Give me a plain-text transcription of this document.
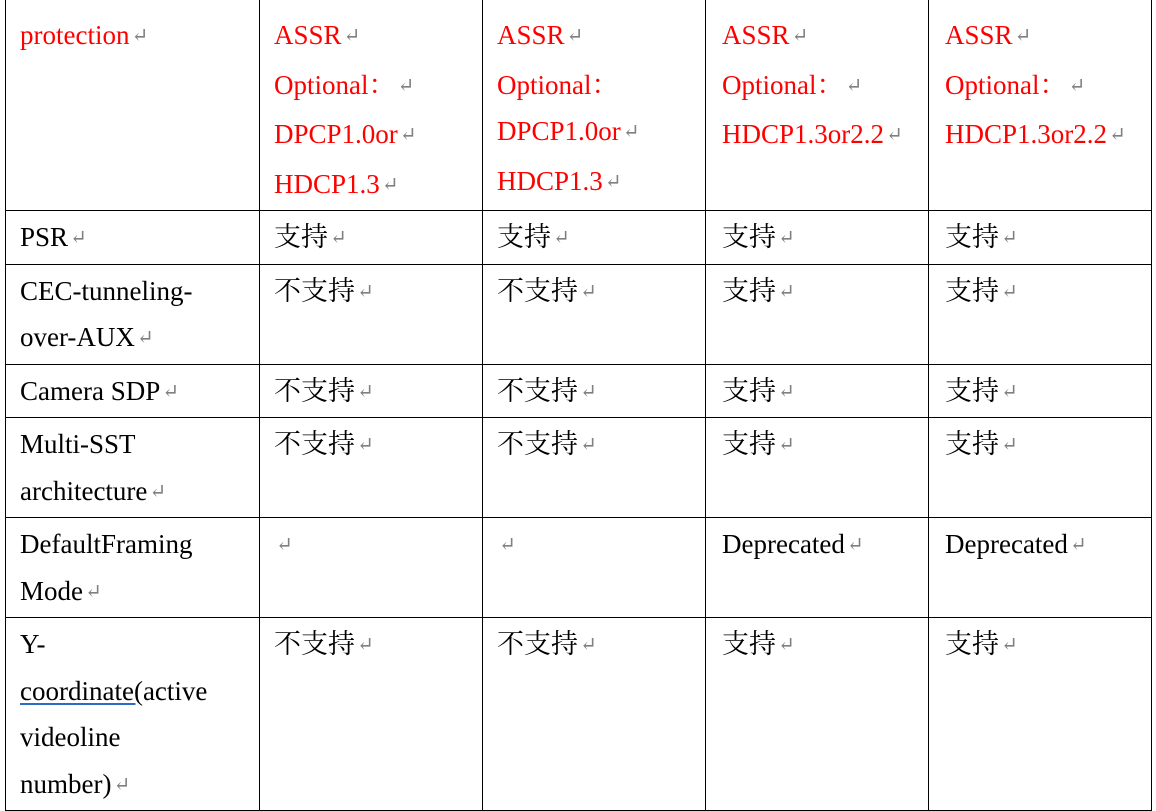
protection ↵	ASSR ↵
Optional： ↵
DPCP1.0or ↵
HDCP1.3 ↵	ASSR ↵
Optional：
DPCP1.0or ↵
HDCP1.3 ↵	ASSR ↵
Optional： ↵
HDCP1.3or2.2 ↵	ASSR ↵
Optional： ↵
HDCP1.3or2.2 ↵

PSR ↵	支持 ↵	支持 ↵	支持 ↵	支持 ↵

CEC-tunneling-
over-AUX ↵	不支持 ↵	不支持 ↵	支持 ↵	支持 ↵

Camera SDP ↵	不支持 ↵	不支持 ↵	支持 ↵	支持 ↵

Multi-SST
architecture ↵	不支持 ↵	不支持 ↵	支持 ↵	支持 ↵

DefaultFraming
Mode ↵	↵	↵	Deprecated ↵	Deprecated ↵

Y-
coordinate(active
videoline
number) ↵	不支持 ↵	不支持 ↵	支持 ↵	支持 ↵
